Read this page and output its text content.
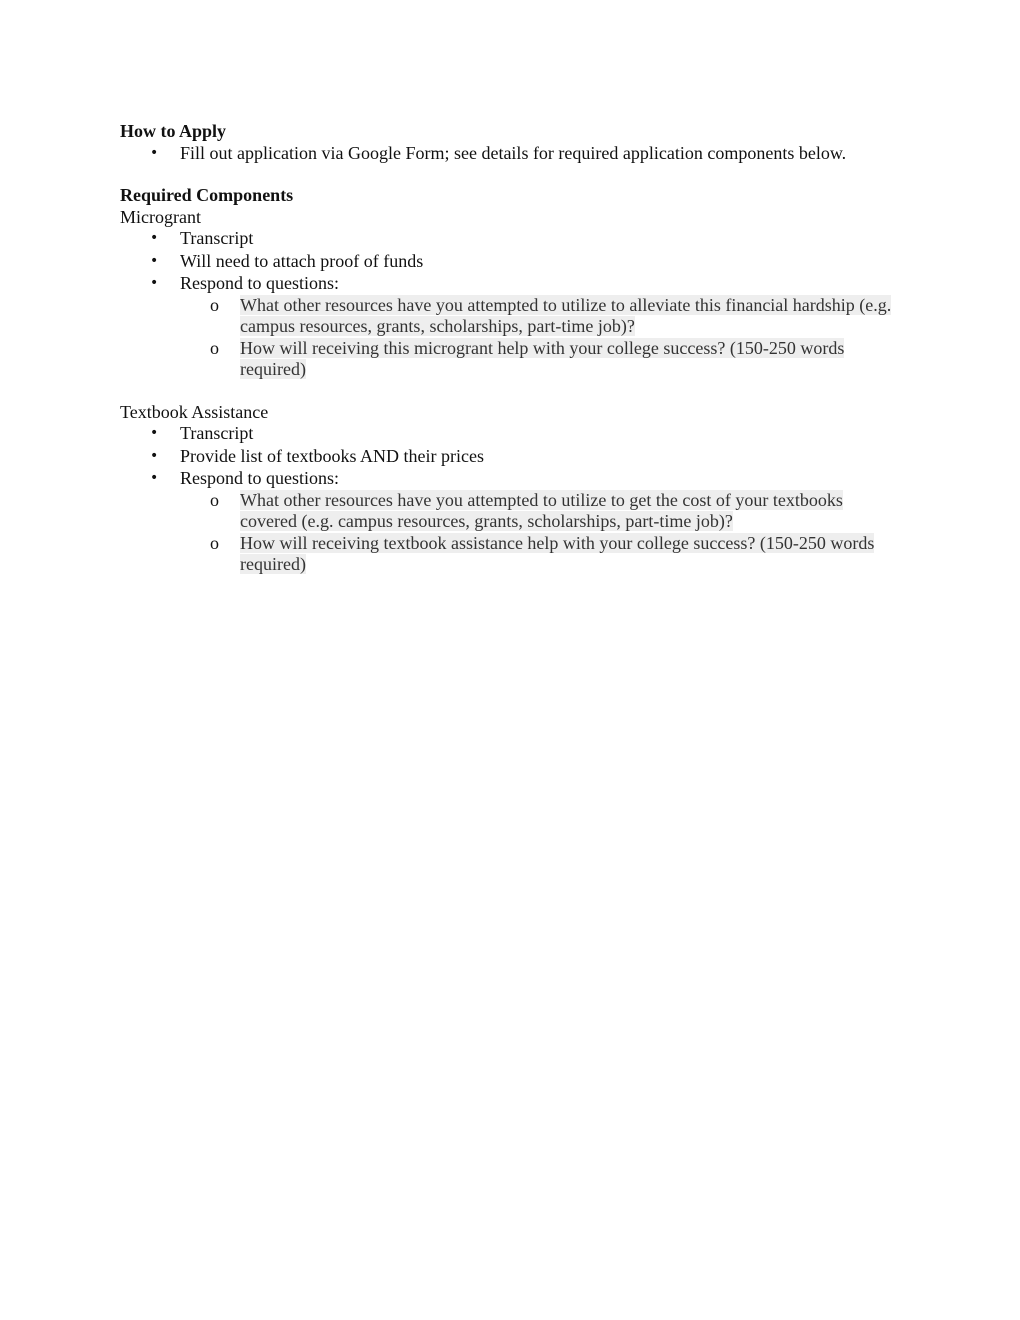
How to Apply

• Fill out application via Google Form; see details for required application components below.

Required Components

Microgrant

• Transcript
• Will need to attach proof of funds
• Respond to questions:
o What other resources have you attempted to utilize to alleviate this financial hardship (e.g. campus resources, grants, scholarships, part-time job)?
o How will receiving this microgrant help with your college success? (150-250 words required)

Textbook Assistance

• Transcript
• Provide list of textbooks AND their prices
• Respond to questions:
o What other resources have you attempted to utilize to get the cost of your textbooks covered (e.g. campus resources, grants, scholarships, part-time job)?
o How will receiving textbook assistance help with your college success? (150-250 words required)
